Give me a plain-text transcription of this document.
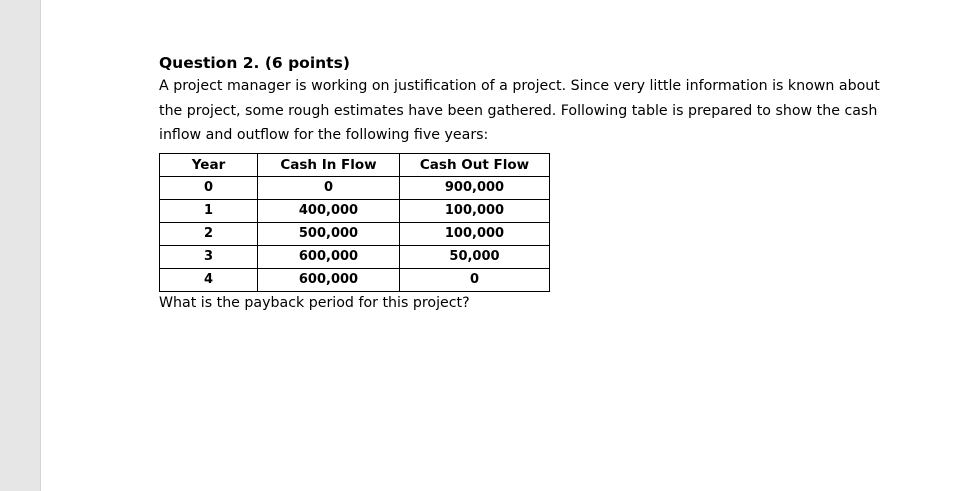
Question 2. (6 points)

A project manager is working on justification of a project. Since very little information is known about

the project, some rough estimates have been gathered. Following table is prepared to show the cash

inflow and outflow for the following five years:

Year	Cash In Flow	Cash Out Flow
0	0	900,000
1	400,000	100,000
2	500,000	100,000
3	600,000	50,000
4	600,000	0

What is the payback period for this project?
